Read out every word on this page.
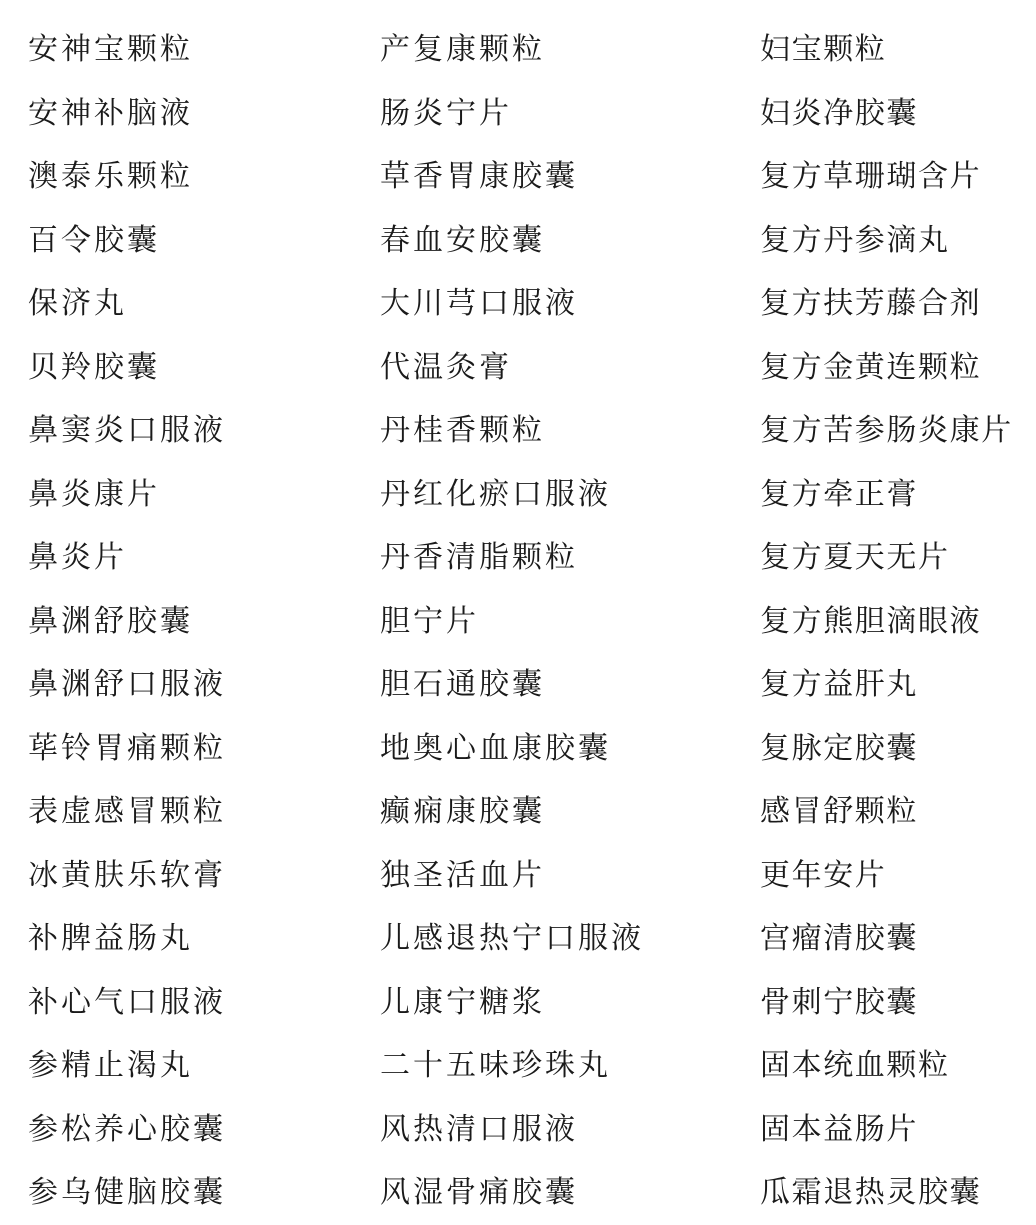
安神宝颗粒
安神补脑液
澳泰乐颗粒
百令胶囊
保济丸
贝羚胶囊
鼻窦炎口服液
鼻炎康片
鼻炎片
鼻渊舒胶囊
鼻渊舒口服液
荜铃胃痛颗粒
表虚感冒颗粒
冰黄肤乐软膏
补脾益肠丸
补心气口服液
参精止渴丸
参松养心胶囊
参乌健脑胶囊
产复康颗粒
肠炎宁片
草香胃康胶囊
春血安胶囊
大川芎口服液
代温灸膏
丹桂香颗粒
丹红化瘀口服液
丹香清脂颗粒
胆宁片
胆石通胶囊
地奥心血康胶囊
癫痫康胶囊
独圣活血片
儿感退热宁口服液
儿康宁糖浆
二十五味珍珠丸
风热清口服液
风湿骨痛胶囊
妇宝颗粒
妇炎净胶囊
复方草珊瑚含片
复方丹参滴丸
复方扶芳藤合剂
复方金黄连颗粒
复方苦参肠炎康片
复方牵正膏
复方夏天无片
复方熊胆滴眼液
复方益肝丸
复脉定胶囊
感冒舒颗粒
更年安片
宫瘤清胶囊
骨刺宁胶囊
固本统血颗粒
固本益肠片
瓜霜退热灵胶囊
